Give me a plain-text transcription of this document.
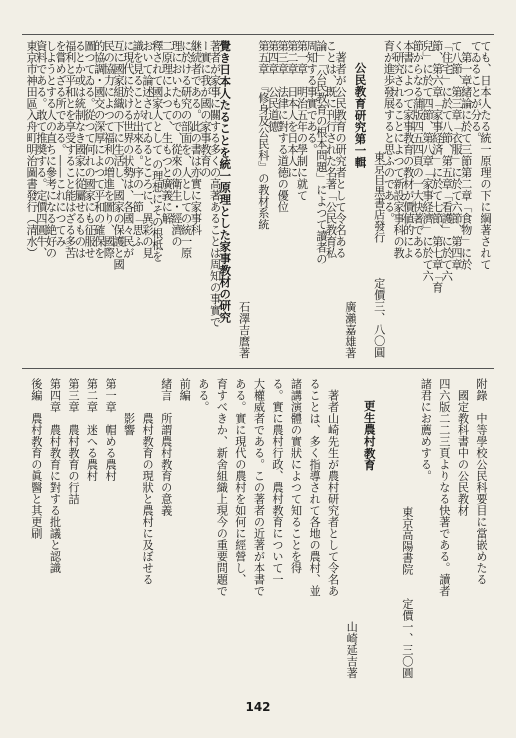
ても、日本人たる統一原理の下に綱著されて
てゐることが分る。
　第一章緒論に於て三節第二章「食物」に於
て八節、第三章「衣服」に於て六節、第四章
「住宅」に於て八節、第五章「看護」に於て六
節、第六章「家事経済」に於て七節、第七章「育
兒」に於て四節、第八章「家事経濟」に於て六
節からなる蒲版四五四頁の一大快著である
本書によつて家事教育の教材が價値的によ
く研究されることによつて新設家事科の教
育が進歩發展すると思ふのである。
東京目黒書店發行　　　定價三、八〇圓
公民教育研究第一輯
廣瀨嘉雄著
　著者が公民教育の研究者として令名ある
ことは、既に刊行された名著「公民教育私
論」「公民教育の根本問題」によつて讀者の
周知する事實である。
第一章　明治五年の學制に就て
第二章　日本人を日本人に
第三章　法律に對する道徳の優位
第四章　公民道德
第五章　『修身及公民科』の教材系統
石澤吉麿著
覺き日本人たることを統一原理とした家事教材の研究
著者が家事に關する多くの高著あることは周知の事實で
ー實に我が國の家事教育の
継続者である。此の書は亦實に家事科
に於ける研究の部面を、人としての統一原
理においたもので、從來の衛生・經濟の
二原理によつて、生もつと廣義に解
釋されて國家人として の理想にその根柢を
おいて論述されてゐるところに、異彩の見
識を見ることが出來る。序の一節「思ふ
に現代に於ける世界の状勢は、各國々民が
互に國家組織の下に生活し、國家の保護と國
民の協力によつて福利の増進を圖り、國際
的協調・國交の深厚によつて平和の確保を
圖つてゐる。從つて何れの國家にも征服せ
るとか或は統制なき國家に從屬せるものは
福利と平和とを享受すること能はざる多苦
を嘗めざる所である。――これにつてみ
しようとする人の直ちに參考になる絶好の
資料である。敢て推奬する。定價四圓牛、
東京市神田區入舟町明治圖書發行（清水）
附錄　中等學校公民科要目に當嵌めたる
　國定教科書中の公民教材
四六版二二三頁よりなる快著である。讀者
諸君にお薦めする。
東京高陽書院　　定價一、三〇圓
更生農村教育
山崎延吉著
　著者山崎先生が農村研究者として令名あ
ることは、多く指導されて各地の農村、並
諸講演體の實狀によつて知ることを得
る。實に農村行政、農村教育について一
大權威者である。この著者の近著が本書で
ある。實に現代の農村を如何に經營し、
育すべきか、新舍組織上現今の重要問題で
ある。
前編
緒言　所謂農村教育の意義
　　　農村教育の現狀と農村に及ぼせる
　　　影響
第一章　帽める農村
第二章　迷へる農村
第三章　農村教育の行詰
第四章　農村教育に對する批議と認識
後編　農村教育の眞醫と其更刷
142
